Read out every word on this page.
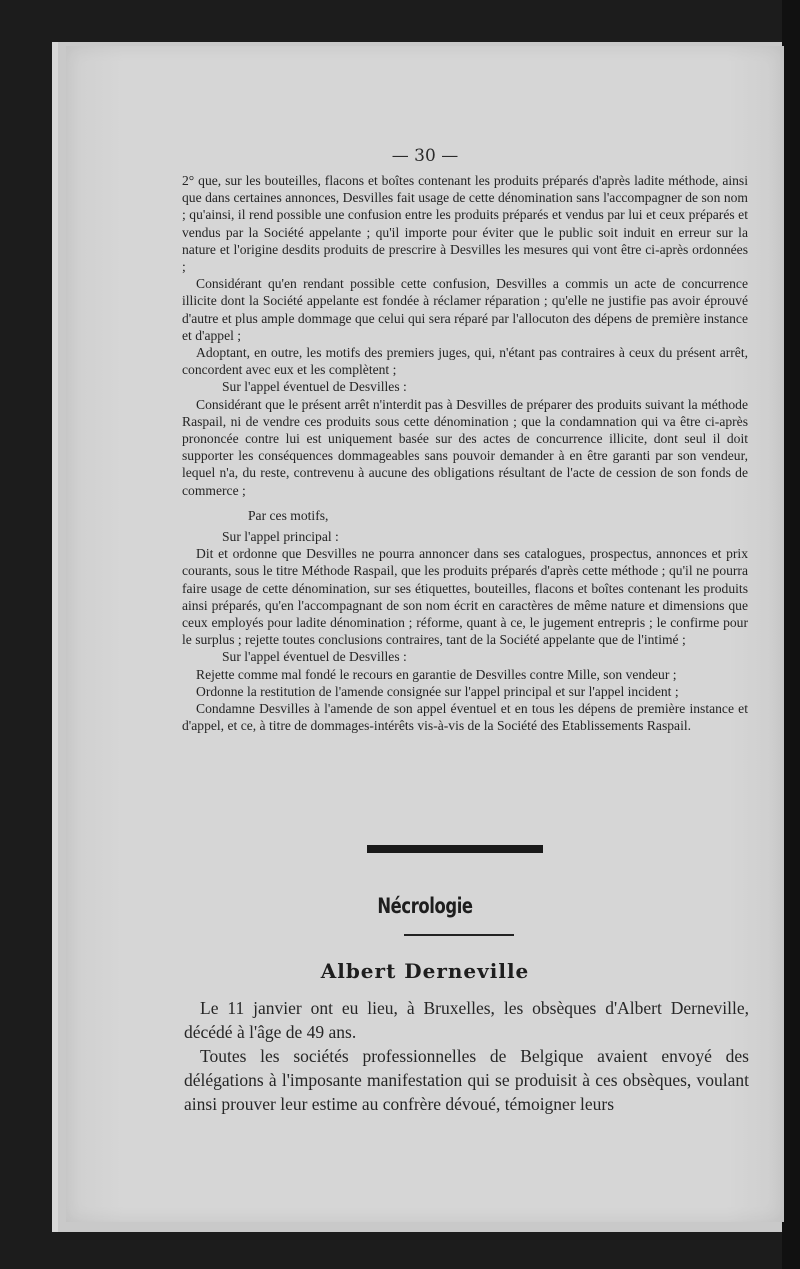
— 30 —

2° que, sur les bouteilles, flacons et boîtes contenant les produits préparés d'après ladite méthode, ainsi que dans certaines annonces, Desvilles fait usage de cette dénomination sans l'accompagner de son nom ; qu'ainsi, il rend possible une confusion entre les produits préparés et vendus par lui et ceux préparés et vendus par la Société appelante ; qu'il importe pour éviter que le public soit induit en erreur sur la nature et l'origine desdits produits de prescrire à Desvilles les mesures qui vont être ci-après ordonnées ;

Considérant qu'en rendant possible cette confusion, Desvilles a commis un acte de concurrence illicite dont la Société appelante est fondée à réclamer réparation ; qu'elle ne justifie pas avoir éprouvé d'autre et plus ample dommage que celui qui sera réparé par l'allocuton des dépens de première instance et d'appel ;

Adoptant, en outre, les motifs des premiers juges, qui, n'étant pas contraires à ceux du présent arrêt, concordent avec eux et les complètent ;

Sur l'appel éventuel de Desvilles :

Considérant que le présent arrêt n'interdit pas à Desvilles de préparer des produits suivant la méthode Raspail, ni de vendre ces produits sous cette dénomination ; que la condamnation qui va être ci-après prononcée contre lui est uniquement basée sur des actes de concurrence illicite, dont seul il doit supporter les conséquences dommageables sans pouvoir demander à en être garanti par son vendeur, lequel n'a, du reste, contrevenu à aucune des obligations résultant de l'acte de cession de son fonds de commerce ;

Par ces motifs,

Sur l'appel principal :

Dit et ordonne que Desvilles ne pourra annoncer dans ses catalogues, prospectus, annonces et prix courants, sous le titre Méthode Raspail, que les produits préparés d'après cette méthode ; qu'il ne pourra faire usage de cette dénomination, sur ses étiquettes, bouteilles, flacons et boîtes contenant les produits ainsi préparés, qu'en l'accompagnant de son nom écrit en caractères de même nature et dimensions que ceux employés pour ladite dénomination ; réforme, quant à ce, le jugement entrepris ; le confirme pour le surplus ; rejette toutes conclusions contraires, tant de la Société appelante que de l'intimé ;

Sur l'appel éventuel de Desvilles :

Rejette comme mal fondé le recours en garantie de Desvilles contre Mille, son vendeur ;

Ordonne la restitution de l'amende consignée sur l'appel principal et sur l'appel incident ;

Condamne Desvilles à l'amende de son appel éventuel et en tous les dépens de première instance et d'appel, et ce, à titre de dommages-intérêts vis-à-vis de la Société des Etablissements Raspail.

Nécrologie
Albert Derneville

Le 11 janvier ont eu lieu, à Bruxelles, les obsèques d'Albert Derneville, décédé à l'âge de 49 ans.

Toutes les sociétés professionnelles de Belgique avaient envoyé des délégations à l'imposante manifestation qui se produisit à ces obsèques, voulant ainsi prouver leur estime au confrère dévoué, témoigner leurs
